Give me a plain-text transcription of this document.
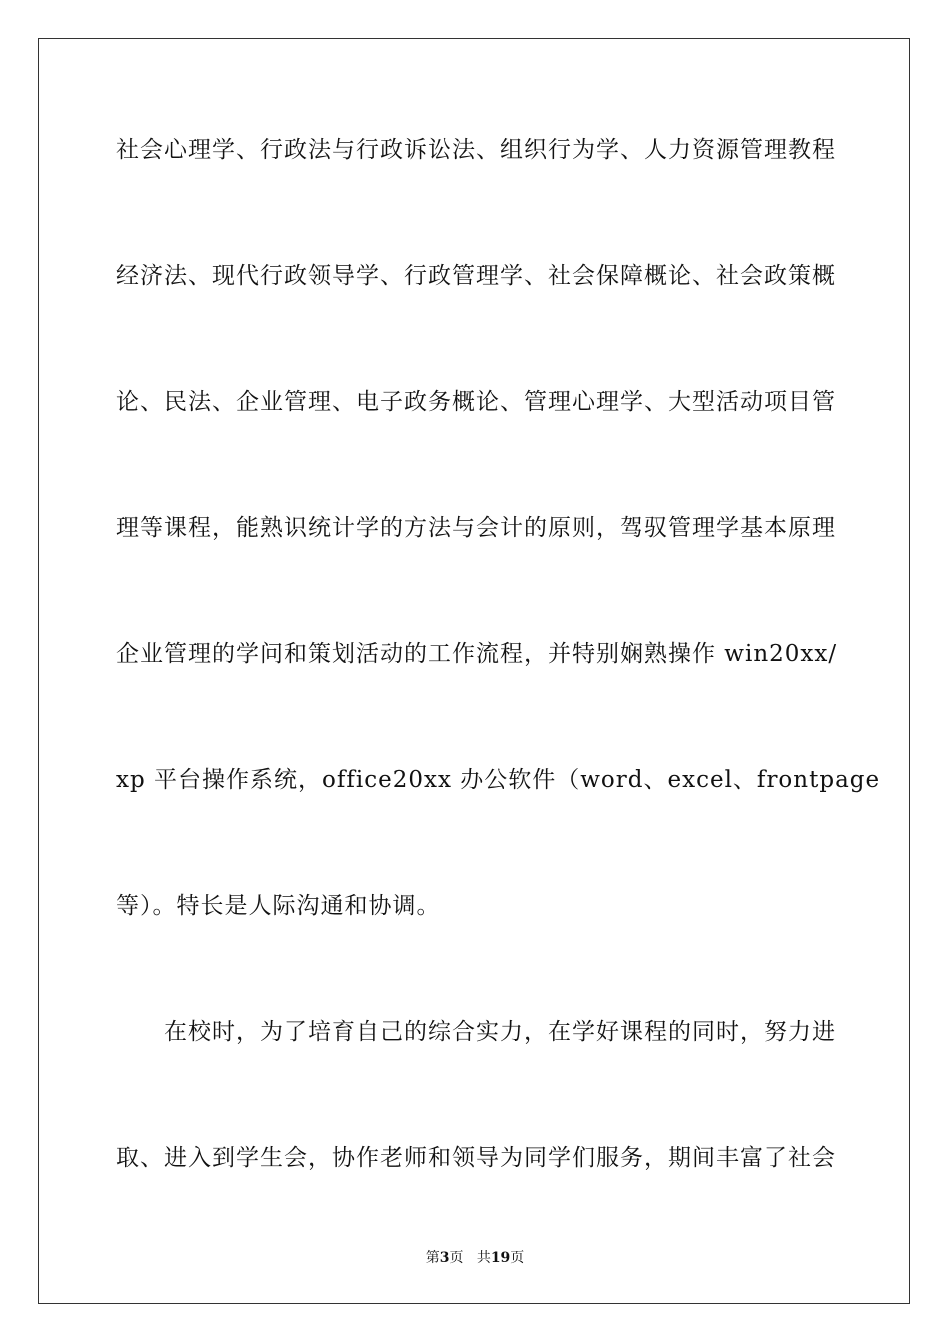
社会心理学、行政法与行政诉讼法、组织行为学、人力资源管理教程
经济法、现代行政领导学、行政管理学、社会保障概论、社会政策概
论、民法、企业管理、电子政务概论、管理心理学、大型活动项目管
理等课程，能熟识统计学的方法与会计的原则，驾驭管理学基本原理
企业管理的学问和策划活动的工作流程，并特别娴熟操作 win20xx/
xp 平台操作系统，office20xx 办公软件（word、excel、frontpage
等）。特长是人际沟通和协调。
在校时，为了培育自己的综合实力，在学好课程的同时，努力进
取、进入到学生会，协作老师和领导为同学们服务，期间丰富了社会
第3页 共19页
